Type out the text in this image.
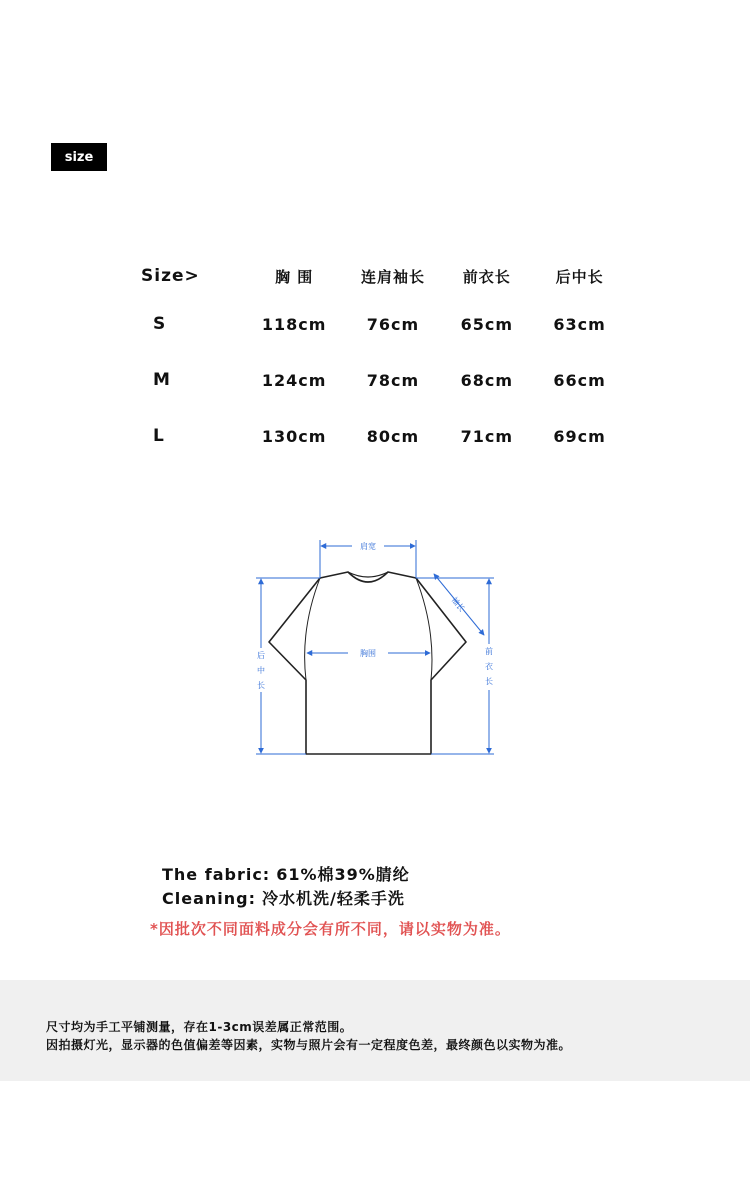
size
Size>	胸 围	连肩袖长	前衣长	后中长
S	118cm	76cm	65cm	63cm
M	124cm	78cm	68cm	66cm
L	130cm	80cm	71cm	69cm
肩宽
胸围
袖长
后
中
长
前
衣
长
The fabric: 61%棉39%腈纶
Cleaning: 冷水机洗/轻柔手洗
*因批次不同面料成分会有所不同，请以实物为准。

尺寸均为手工平铺测量，存在1-3cm误差属正常范围。

因拍摄灯光，显示器的色值偏差等因素，实物与照片会有一定程度色差，最终颜色以实物为准。
